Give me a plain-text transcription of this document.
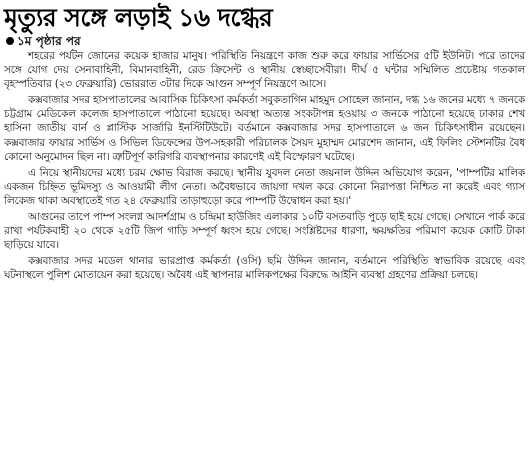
মৃত্যুর সঙ্গে লড়াই ১৬ দগ্ধের
১ম পৃষ্ঠার পর

শহরের পর্যটন জোনের কয়েক হাজার মানুষ। পরিস্থিতি নিয়ন্ত্রণে কাজ শুরু করে ফায়ার সার্ভিসের ৫টি ইউনিট। পরে তাদের সঙ্গে যোগ দেয় সেনাবাহিনী, বিমানবাহিনী, রেড ক্রিসেন্ট ও স্থানীয় স্বেচ্ছাসেবীরা। দীর্ঘ ৫ ঘন্টার সম্মিলিত প্রচেষ্টায় গতকাল বৃহস্পতিবার (২৩ ফেব্রুয়ারি) ভোররাত ৩টার দিকে আগুন সম্পূর্ণ নিয়ন্ত্রণে আসে।

কক্সবাজার সদর হাসপাতালের আবাসিক চিকিৎসা কর্মকর্তা সবুকতাগিন মাহমুদ সোহেল জানান, দগ্ধ ১৬ জনের মধ্যে ৭ জনকে চট্টগ্রাম মেডিকেল কলেজ হাসপাতালে পাঠানো হয়েছে। অবস্থা অত্যন্ত সংকটাপন্ন হওয়ায় ৩ জনকে পাঠানো হয়েছে ঢাকার শেখ হাসিনা জাতীয় বার্ন ও প্লাস্টিক সার্জারি ইনস্টিটিউটে। বর্তমানে কক্সবাজার সদর হাসপাতালে ৬ জন চিকিৎসাধীন রয়েছেন। কক্সবাজার ফায়ার সার্ভিস ও সিভিল ডিফেন্সের উপ-সহকারী পরিচালক সৈয়দ মুহাম্মদ মোরশেদ জানান, এই ফিলিং স্টেশনটির বৈধ কোনো অনুমোদন ছিল না। ত্রুটিপূর্ণ কারিগরি ব্যবস্থাপনার কারণেই এই বিস্ফোরণ ঘটেছে।

এ নিয়ে স্থানীয়দের মধ্যে চরম ক্ষোভ বিরাজ করছে। স্থানীয় যুবদল নেতা জয়নাল উদ্দিন অভিযোগ করেন, 'পাম্পটির মালিক একজন চিহ্নিত ভূমিদস্যু ও আওয়ামী লীগ নেতা। অবৈধভাবে জায়গা দখল করে কোনো নিরাপত্তা নিশ্চিত না করেই এবং গ্যাস লিকেজ থাকা অবস্থাতেই গত ২৪ ফেব্রুয়ারি তাড়াহুড়ো করে পাম্পটি উদ্বোধন করা হয়।'

আগুনের তাপে পাম্প সংলগ্ন আদর্শগ্রাম ও চন্দ্রিমা হাউজিং এলাকার ১০টি বসতবাড়ি পুড়ে ছাই হয়ে গেছে। সেখানে পার্ক করে রাখা পর্যটকবাহী ২০ থেকে ২৫টি জিপ গাড়ি সম্পূর্ণ ধ্বংস হয়ে গেছে। সংশ্লিষ্টদের ধারণা, ক্ষয়ক্ষতির পরিমাণ কয়েক কোটি টাকা ছাড়িয়ে যাবে।

কক্সবাজার সদর মডেল থানার ভারপ্রাপ্ত কর্মকর্তা (ওসি) ছমি উদ্দিন জানান, বর্তমানে পরিস্থিতি স্বাভাবিক রয়েছে এবং ঘটনাস্থলে পুলিশ মোতায়েন করা হয়েছে। অবৈধ এই স্থাপনার মালিকপক্ষের বিরুদ্ধে আইনি ব্যবস্থা গ্রহণের প্রক্রিয়া চলছে।
